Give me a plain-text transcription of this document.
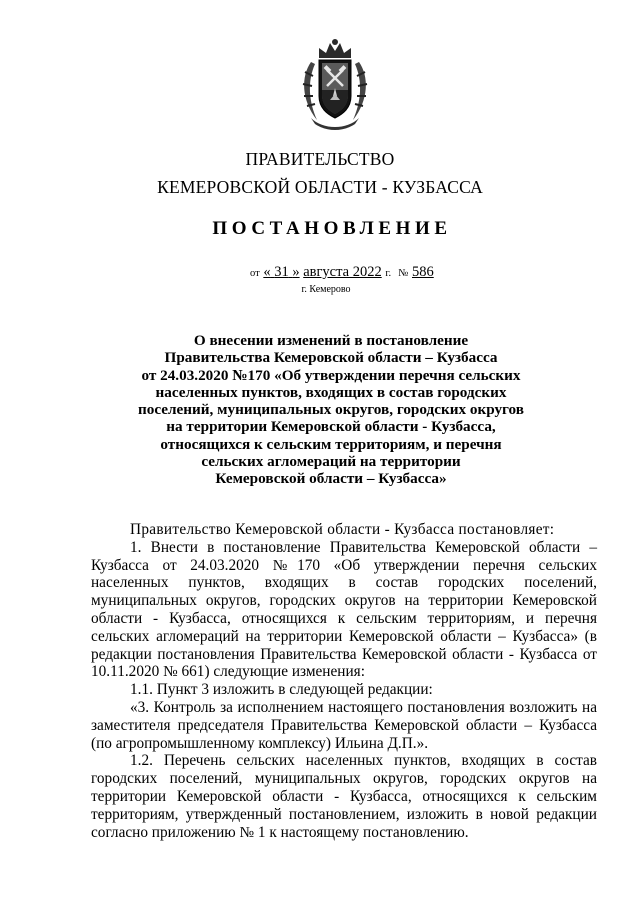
ПРАВИТЕЛЬСТВО
КЕМЕРОВСКОЙ ОБЛАСТИ - КУЗБАССА
ПОСТАНОВЛЕНИЕ
от « 31 » августа 2022 г. № 586
г. Кемерово
О внесении изменений в постановление
Правительства Кемеровской области – Кузбасса
от 24.03.2020 №170 «Об утверждении перечня сельских
населенных пунктов, входящих в состав городских
поселений, муниципальных округов, городских округов
на территории Кемеровской области - Кузбасса,
относящихся к сельским территориям, и перечня
сельских агломераций на территории
Кемеровской области – Кузбасса»

Правительство Кемеровской области - Кузбасса постановляет:

1. Внести в постановление Правительства Кемеровской области – Кузбасса от 24.03.2020 №170 «Об утверждении перечня сельских населенных пунктов, входящих в состав городских поселений, муниципальных округов, городских округов на территории Кемеровской области - Кузбасса, относящихся к сельским территориям, и перечня сельских агломераций на территории Кемеровской области – Кузбасса» (в редакции постановления Правительства Кемеровской области - Кузбасса от 10.11.2020 № 661) следующие изменения:

1.1. Пункт 3 изложить в следующей редакции:

«3. Контроль за исполнением настоящего постановления возложить на заместителя председателя Правительства Кемеровской области – Кузбасса (по агропромышленному комплексу) Ильина Д.П.».

1.2. Перечень сельских населенных пунктов, входящих в состав городских поселений, муниципальных округов, городских округов на территории Кемеровской области - Кузбасса, относящихся к сельским территориям, утвержденный постановлением, изложить в новой редакции согласно приложению № 1 к настоящему постановлению.
